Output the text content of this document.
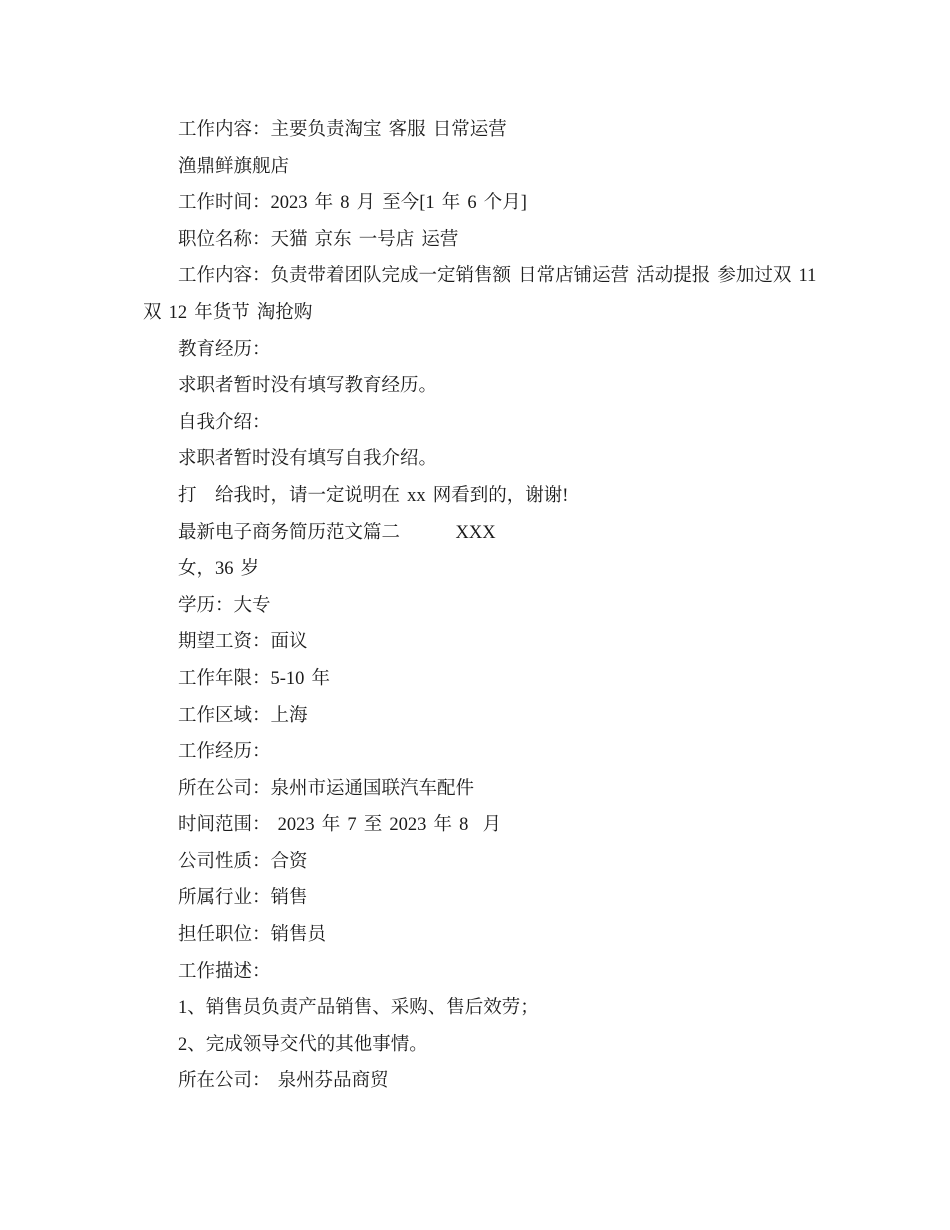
工作内容：主要负责淘宝 客服 日常运营
渔鼎鲜旗舰店
工作时间：2023 年 8 月 至今[1 年 6 个月]
职位名称：天猫 京东 一号店 运营
工作内容：负责带着团队完成一定销售额 日常店铺运营 活动提报 参加过双 11
双 12 年货节 淘抢购
教育经历：
求职者暂时没有填写教育经历。
自我介绍：
求职者暂时没有填写自我介绍。
打　给我时，请一定说明在 xx 网看到的，谢谢!
最新电子商务简历范文篇二　　　XXX
女，36 岁
学历：大专
期望工资：面议
工作年限：5-10 年
工作区域：上海
工作经历：
所在公司：泉州市运通国联汽车配件
时间范围： 2023 年 7 至 2023 年 8  月
公司性质：合资
所属行业：销售
担任职位：销售员
工作描述：
1、销售员负责产品销售、采购、售后效劳；
2、完成领导交代的其他事情。
所在公司： 泉州芬品商贸
